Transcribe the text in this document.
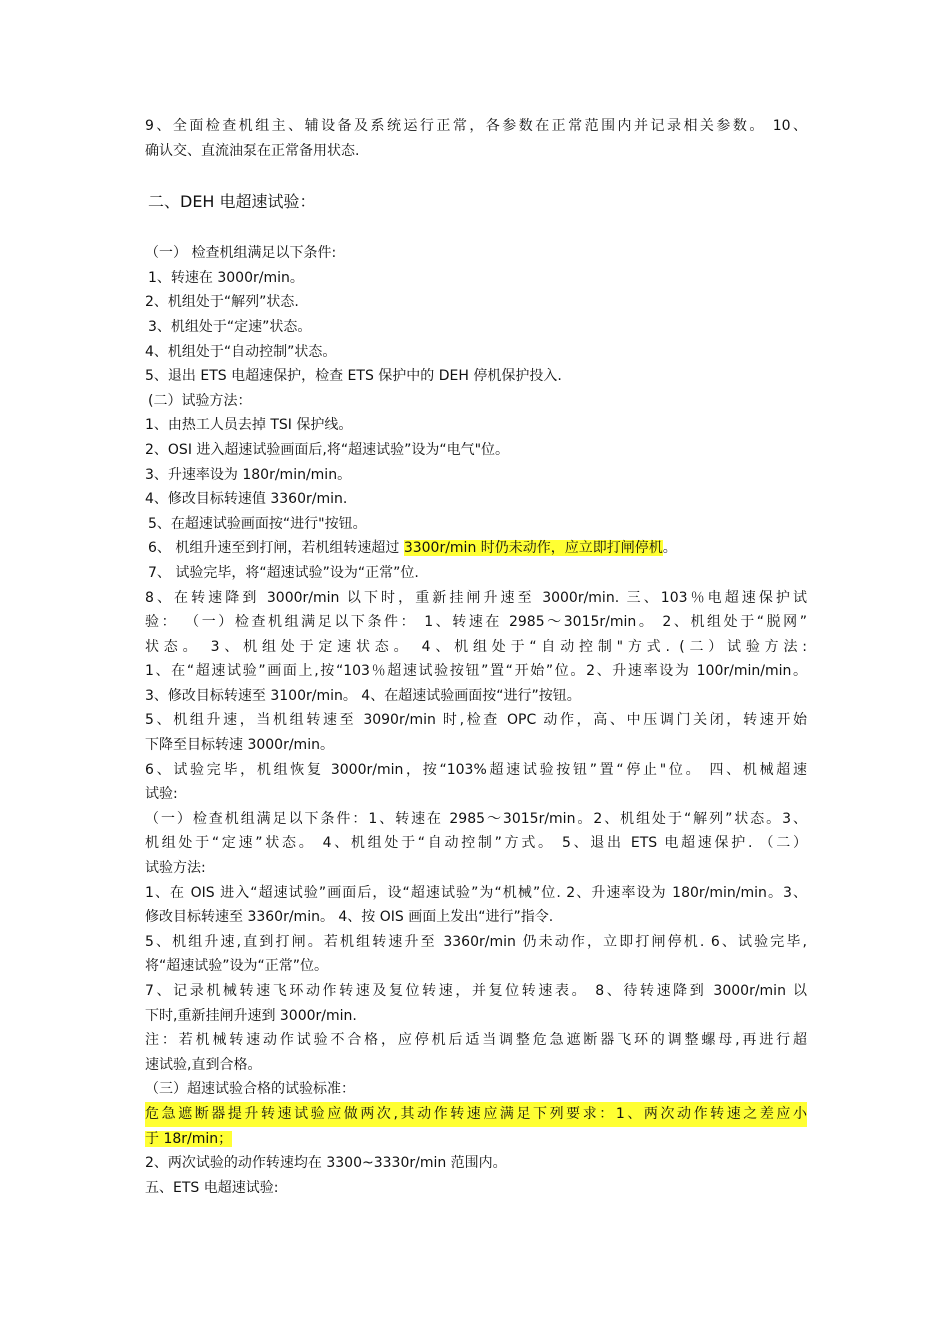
9、全面检查机组主、辅设备及系统运行正常，各参数在正常范围内并记录相关参数。 10、

确认交、直流油泵在正常备用状态.

二、DEH 电超速试验：

（一） 检查机组满足以下条件:

1、转速在 3000r/min。

2、机组处于“解列”状态.

3、机组处于“定速”状态。

4、机组处于“自动控制”状态。

5、退出 ETS 电超速保护，检查 ETS 保护中的 DEH 停机保护投入.

(二）试验方法：

1、由热工人员去掉 TSI 保护线。

2、OSI 进入超速试验画面后,将“超速试验”设为“电气"位。

3、升速率设为 180r/min/min。

4、修改目标转速值 3360r/min.

5、在超速试验画面按“进行"按钮。

6、 机组升速至到打闸，若机组转速超过 3300r/min 时仍未动作，应立即打闸停机。

7、 试验完毕，将“超速试验”设为“正常”位.

8、在转速降到 3000r/min 以下时，重新挂闸升速至 3000r/min. 三、103％电超速保护试

验： （一）检查机组满足以下条件： 1、转速在 2985～3015r/min。 2、机组处于“脱网”

状态。 3、机组处于定速状态。 4、机组处于“自动控制"方式. (二）试验方法:

1、在“超速试验”画面上,按“103％超速试验按钮”置“开始”位。2、升速率设为 100r/min/min。

3、修改目标转速至 3100r/min。 4、在超速试验画面按“进行”按钮。

5、机组升速，当机组转速至 3090r/min 时,检查 OPC 动作，高、中压调门关闭，转速开始

下降至目标转速 3000r/min。

6、试验完毕，机组恢复 3000r/min，按“103%超速试验按钮”置“停止"位。 四、机械超速

试验:

（一）检查机组满足以下条件：1、转速在 2985～3015r/min。2、机组处于“解列”状态。3、

机组处于“定速”状态。 4、机组处于“自动控制”方式。 5、退出 ETS 电超速保护. （二）

试验方法:

1、在 OIS 进入“超速试验”画面后，设“超速试验”为“机械”位. 2、升速率设为 180r/min/min。3、

修改目标转速至 3360r/min。 4、按 OIS 画面上发出“进行”指令.

5、机组升速,直到打闸。若机组转速升至 3360r/min 仍未动作，立即打闸停机. 6、试验完毕,

将“超速试验”设为“正常”位。

7、记录机械转速飞环动作转速及复位转速，并复位转速表。 8、待转速降到 3000r/min 以

下时,重新挂闸升速到 3000r/min.

注：若机械转速动作试验不合格，应停机后适当调整危急遮断器飞环的调整螺母,再进行超

速试验,直到合格。

（三）超速试验合格的试验标准：

危急遮断器提升转速试验应做两次,其动作转速应满足下列要求：1、两次动作转速之差应小

于 18r/min；

2、两次试验的动作转速均在 3300~3330r/min 范围内。

五、ETS 电超速试验:
